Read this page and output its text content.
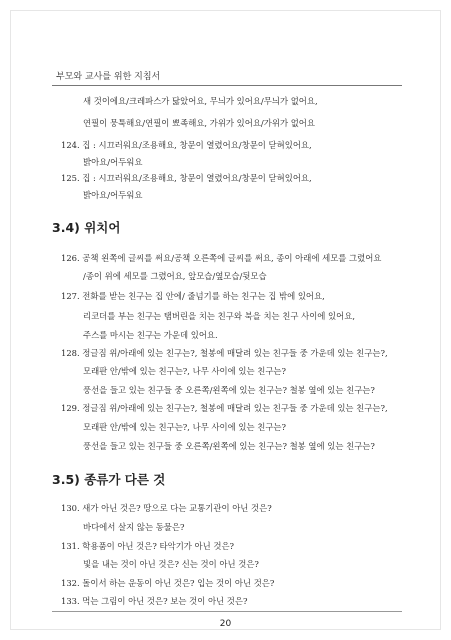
부모와 교사를 위한 지침서
새 것이에요/크레파스가 닳았어요, 무늬가 있어요/무늬가 없어요,
연필이 뭉툭해요/연필이 뾰족해요, 가위가 있어요/가위가 없어요
124. 집 : 시끄러워요/조용해요, 창문이 열렸어요/창문이 닫혀있어요,
밝아요/어두워요
125. 집 : 시끄러워요/조용해요, 창문이 열렸어요/창문이 닫혀있어요,
밝아요/어두워요
3.4) 위치어
126. 공책 왼쪽에 글씨를 써요/공책 오른쪽에 글씨를 써요, 종이 아래에 세모를 그렸어요
/종이 위에 세모를 그렸어요, 앞모습/옆모습/뒷모습
127. 전화를 받는 친구는 집 안에/ 줄넘기를 하는 친구는 집 밖에 있어요,
리코더를 부는 친구는 탬버린을 치는 친구와 북을 치는 친구 사이에 있어요,
주스를 마시는 친구는 가운데 있어요.
128. 정글짐 위/아래에 있는 친구는?, 철봉에 매달려 있는 친구들 중 가운데 있는 친구는?,
모래판 안/밖에 있는 친구는?, 나무 사이에 있는 친구는?
풍선을 들고 있는 친구들 중 오른쪽/왼쪽에 있는 친구는? 철봉 옆에 있는 친구는?
129. 정글짐 위/아래에 있는 친구는?, 철봉에 매달려 있는 친구들 중 가운데 있는 친구는?,
모래판 안/밖에 있는 친구는?, 나무 사이에 있는 친구는?
풍선을 들고 있는 친구들 중 오른쪽/왼쪽에 있는 친구는? 철봉 옆에 있는 친구는?
3.5) 종류가 다른 것
130. 새가 아닌 것은? 땅으로 다는 교통기관이 아닌 것은?
바다에서 살지 않는 동물은?
131. 학용품이 아닌 것은? 타악기가 아닌 것은?
빛을 내는 것이 아닌 것은? 신는 것이 아닌 것은?
132. 돌이서 하는 운동이 아닌 것은? 입는 것이 아닌 것은?
133. 먹는 그림이 아닌 것은? 보는 것이 아닌 것은?
20
